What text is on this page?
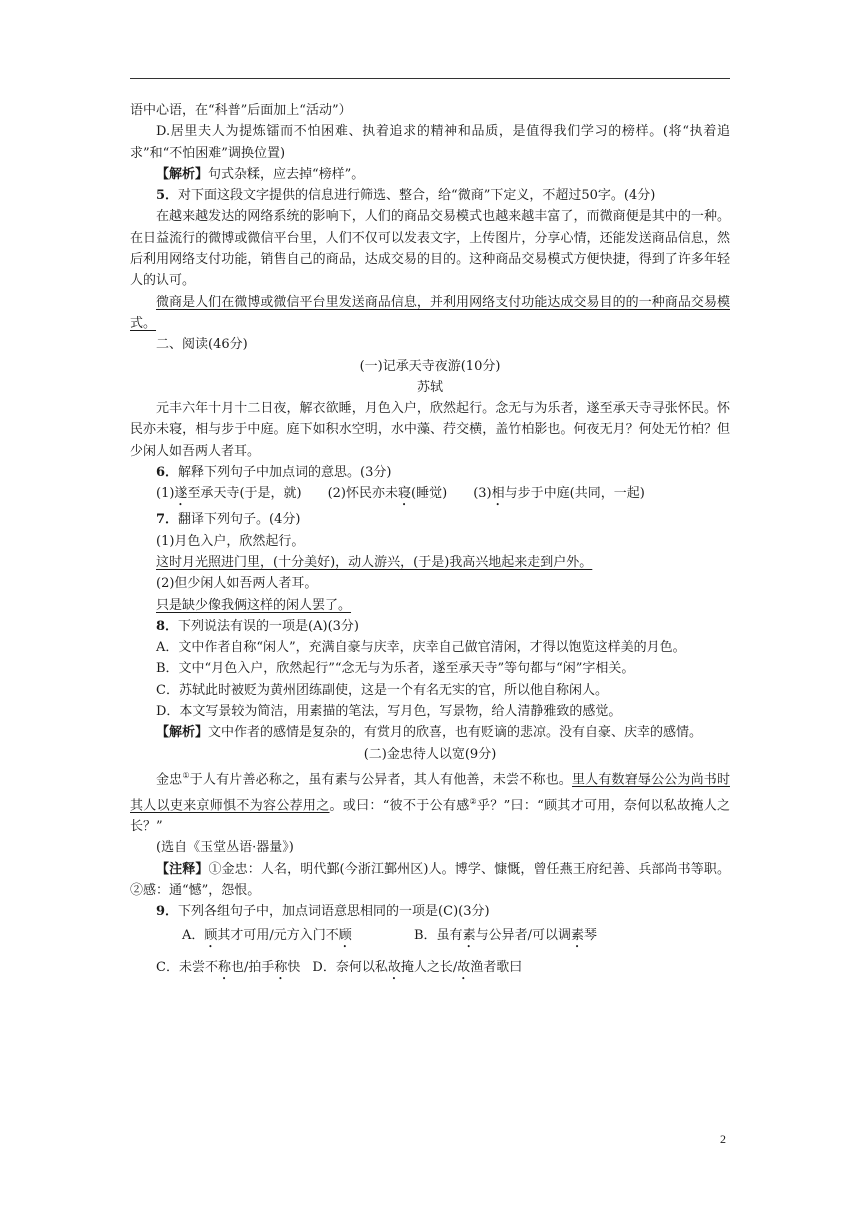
语中心语，在“科普”后面加上“活动”）

D.居里夫人为提炼镭而不怕困难、执着追求的精神和品质，是值得我们学习的榜样。(将“执着追求”和“不怕困难”调换位置)

【解析】句式杂糅，应去掉“榜样”。

5．对下面这段文字提供的信息进行筛选、整合，给“微商”下定义，不超过50字。(4分)

在越来越发达的网络系统的影响下，人们的商品交易模式也越来越丰富了，而微商便是其中的一种。在日益流行的微博或微信平台里，人们不仅可以发表文字，上传图片，分享心情，还能发送商品信息，然后利用网络支付功能，销售自己的商品，达成交易的目的。这种商品交易模式方便快捷，得到了许多年轻人的认可。

微商是人们在微博或微信平台里发送商品信息，并利用网络支付功能达成交易目的的一种商品交易模式。

二、阅读(46分)

(一)记承天寺夜游(10分)

苏轼

元丰六年十月十二日夜，解衣欲睡，月色入户，欣然起行。念无与为乐者，遂至承天寺寻张怀民。怀民亦未寝，相与步于中庭。庭下如积水空明，水中藻、荇交横，盖竹柏影也。何夜无月？何处无竹柏？但少闲人如吾两人者耳。

6．解释下列句子中加点词的意思。(3分)

(1)遂至承天寺(于是，就) (2)怀民亦未寝(睡觉) (3)相与步于中庭(共同，一起)

7．翻译下列句子。(4分)

(1)月色入户，欣然起行。

这时月光照进门里，(十分美好)，动人游兴，(于是)我高兴地起来走到户外。

(2)但少闲人如吾两人者耳。

只是缺少像我俩这样的闲人罢了。

8．下列说法有误的一项是(A)(3分)

A．文中作者自称“闲人”，充满自豪与庆幸，庆幸自己做官清闲，才得以饱览这样美的月色。

B．文中“月色入户，欣然起行”“念无与为乐者，遂至承天寺”等句都与“闲”字相关。

C．苏轼此时被贬为黄州团练副使，这是一个有名无实的官，所以他自称闲人。

D．本文写景较为简洁，用素描的笔法，写月色，写景物，给人清静雅致的感觉。

【解析】文中作者的感情是复杂的，有赏月的欣喜，也有贬谪的悲凉。没有自豪、庆幸的感情。

(二)金忠待人以宽(9分)

金忠①于人有片善必称之，虽有素与公异者，其人有他善，未尝不称也。里人有数窘辱公公为尚书时其人以吏来京师惧不为容公荐用之。或曰：“彼不于公有感②乎？”曰：“顾其才可用，奈何以私故掩人之长？”

(选自《玉堂丛语·器量》)

【注释】①金忠：人名，明代鄞(今浙江鄞州区)人。博学、慷慨，曾任燕王府纪善、兵部尚书等职。②感：通“憾”，怨恨。

9．下列各组句子中，加点词语意思相同的一项是(C)(3分)

A．顾其才可用/元方入门不顾	B．虽有素与公异者/可以调素琴

C．未尝不称也/拍手称快 D．奈何以私故掩人之长/故渔者歌曰

2
